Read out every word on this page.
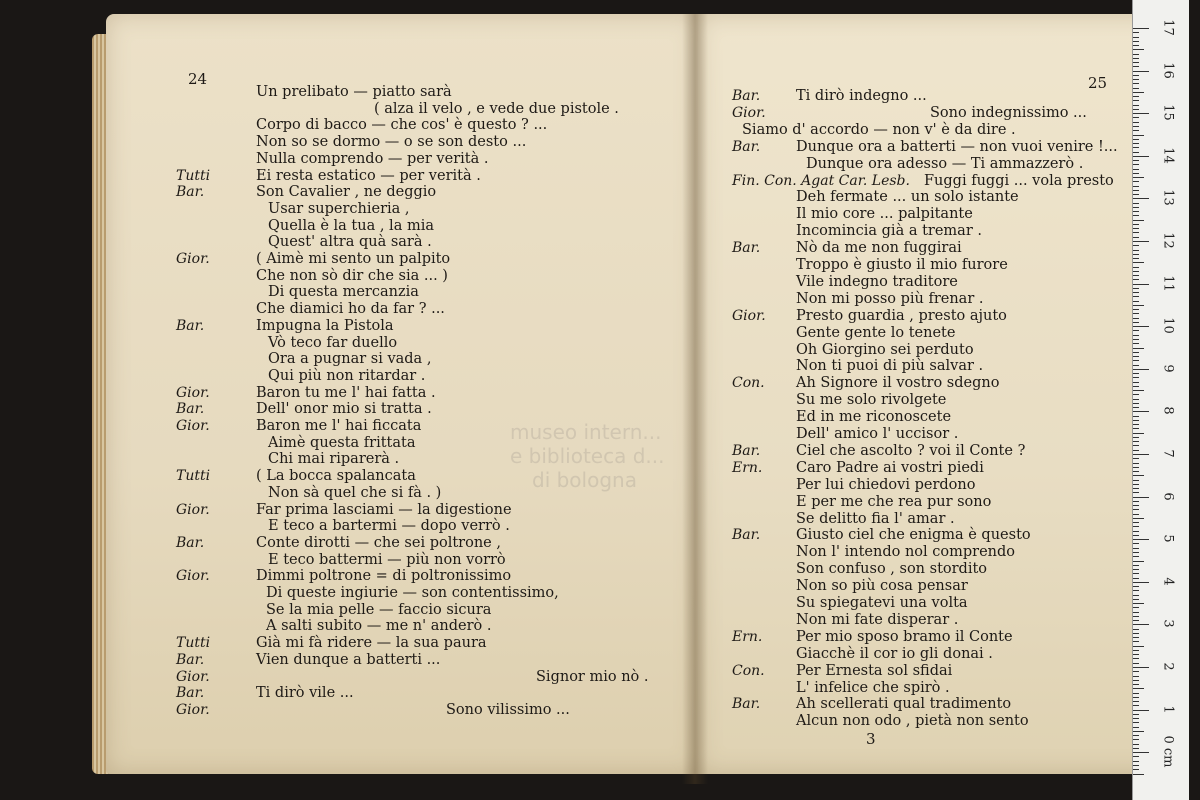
24
Un prelibato — piatto sarà
( alza il velo , e vede due pistole .
Corpo di bacco — che cos' è questo ? ...
Non so se dormo — o se son desto ...
Nulla comprendo — per verità .
Tutti	Ei resta estatico — per verità .
Bar.	Son Cavalier , ne deggio
Usar superchieria ,
Quella è la tua , la mia
Quest' altra quà sarà .
Gior.	( Aimè mi sento un palpito
Che non sò dir che sia ... )
Di questa mercanzia
Che diamici ho da far ? ...
Bar.	Impugna la Pistola
Vò teco far duello
Ora a pugnar si vada ,
Qui più non ritardar .
Gior.	Baron tu me l' hai fatta .
Bar.	Dell' onor mio si tratta .
Gior.	Baron me l' hai ficcata
Aimè questa frittata
Chi mai riparerà .
Tutti	( La bocca spalancata
Non sà quel che si fà . )
Gior.	Far prima lasciami — la digestione
E teco a bartermi — dopo verrò .
Bar.	Conte dirotti — che sei poltrone ,
E teco battermi — più non vorrò
Gior.	Dimmi poltrone = di poltronissimo
Di queste ingiurie — son contentissimo,
Se la mia pelle — faccio sicura
A salti subito — me n' anderò .
Tutti	Già mi fà ridere — la sua paura
Bar.	Vien dunque a batterti ...
Gior.	Signor mio nò .
Bar.	Ti dirò vile ...
Gior.	Sono vilissimo ...
25
Bar. Ti dirò indegno ...
Gior.	Sono indegnissimo ...
Siamo d' accordo — non v' è da dire .
Bar. Dunque ora a batterti — non vuoi venire !...
Dunque ora adesso — Ti ammazzerò .
Fin. Con. Agat Car. Lesb. Fuggi fuggi ... vola presto
Deh fermate ... un solo istante
Il mio core ... palpitante
Incomincia già a tremar .
Bar. Nò da me non fuggirai
Troppo è giusto il mio furore
Vile indegno traditore
Non mi posso più frenar .
Gior. Presto guardia , presto ajuto
Gente gente lo tenete
Oh Giorgino sei perduto
Non ti puoi di più salvar .
Con. Ah Signore il vostro sdegno
Su me solo rivolgete
Ed in me riconoscete
Dell' amico l' uccisor .
Bar. Ciel che ascolto ? voi il Conte ?
Ern. Caro Padre ai vostri piedi
Per lui chiedovi perdono
E per me che rea pur sono
Se delitto fia l' amar .
Bar. Giusto ciel che enigma è questo
Non l' intendo nol comprendo
Son confuso , son stordito
Non so più cosa pensar
Su spiegatevi una volta
Non mi fate disperar .
Ern. Per mio sposo bramo il Conte
Giacchè il cor io gli donai .
Con. Per Ernesta sol sfidai
L' infelice che spirò .
Bar. Ah scellerati qual tradimento
Alcun non odo , pietà non sento
3
museo intern...
e biblioteca d...
di bologna
17
16
15
14
13
12
11
10
9
8
7
6
5
4
3
2
1
0 cm
